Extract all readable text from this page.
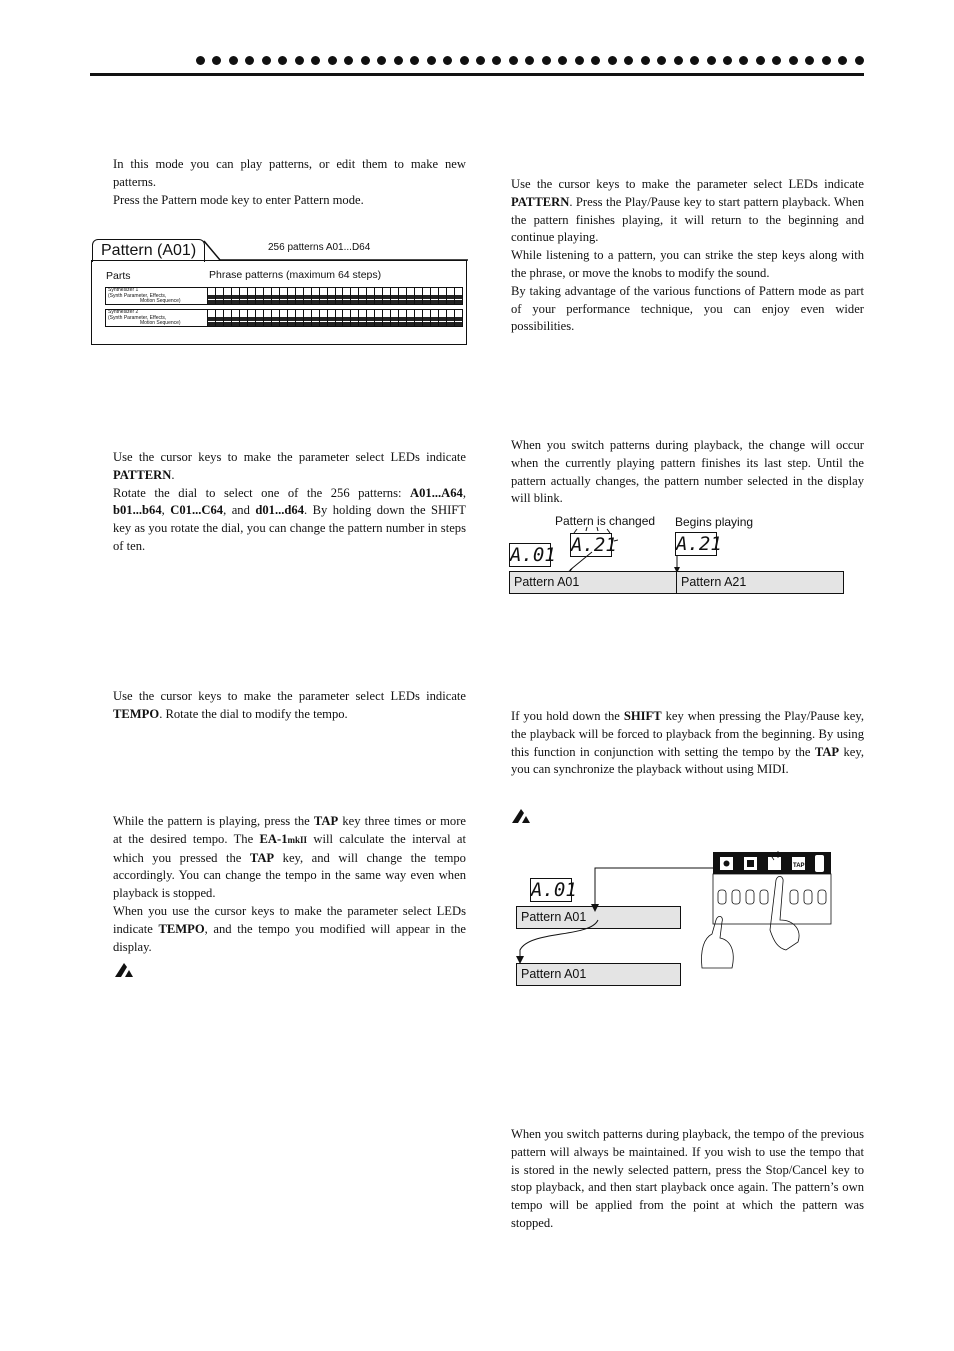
In this mode you can play patterns, or edit them to make new patterns.

Press the Pattern mode key to enter Pattern mode.

Pattern (A01)	256 patterns A01...D64
Parts	Phrase patterns (maximum 64 steps)
Synthesizer 1
(Synth Parameter, Effects,
Motion Sequence)
Synthesizer 2
(Synth Parameter, Effects,
Motion Sequence)

Use the cursor keys to make the parameter select LEDs indicate PATTERN.

Rotate the dial to select one of the 256 patterns: A01...A64, b01...b64, C01...C64, and d01...d64. By holding down the SHIFT key as you rotate the dial, you can change the pattern number in steps of ten.

Use the cursor keys to make the parameter select LEDs indicate TEMPO. Rotate the dial to modify the tempo.

While the pattern is playing, press the TAP key three times or more at the desired tempo. The EA-1mkII will calculate the interval at which you pressed the TAP key, and will change the tempo accordingly. You can change the tempo in the same way even when playback is stopped.

When you use the cursor keys to make the parameter select LEDs indicate TEMPO, and the tempo you modified will appear in the display.

Use the cursor keys to make the parameter select LEDs indicate PATTERN. Press the Play/Pause key to start pattern playback. When the pattern finishes playing, it will return to the beginning and continue playing.

While listening to a pattern, you can strike the step keys along with the phrase, or move the knobs to modify the sound.

By taking advantage of the various functions of Pattern mode as part of your performance technique, you can enjoy even wider possibilities.

When you switch patterns during playback, the change will occur when the currently playing pattern finishes its last step. Until the pattern actually changes, the pattern number selected in the display will blink.

Pattern is changed Begins playing
A.01 A.21	A.21
Pattern A01	Pattern A21

If you hold down the SHIFT key when pressing the Play/Pause key, the playback will be forced to playback from the beginning. By using this function in conjunction with setting the tempo by the TAP key, you can synchronize the playback without using MIDI.

A.01
Pattern A01
Pattern A01
TAP

When you switch patterns during playback, the tempo of the previous pattern will always be maintained. If you wish to use the tempo that is stored in the newly selected pattern, press the Stop/Cancel key to stop playback, and then start playback once again. The pattern’s own tempo will be applied from the point at which the pattern was stopped.
